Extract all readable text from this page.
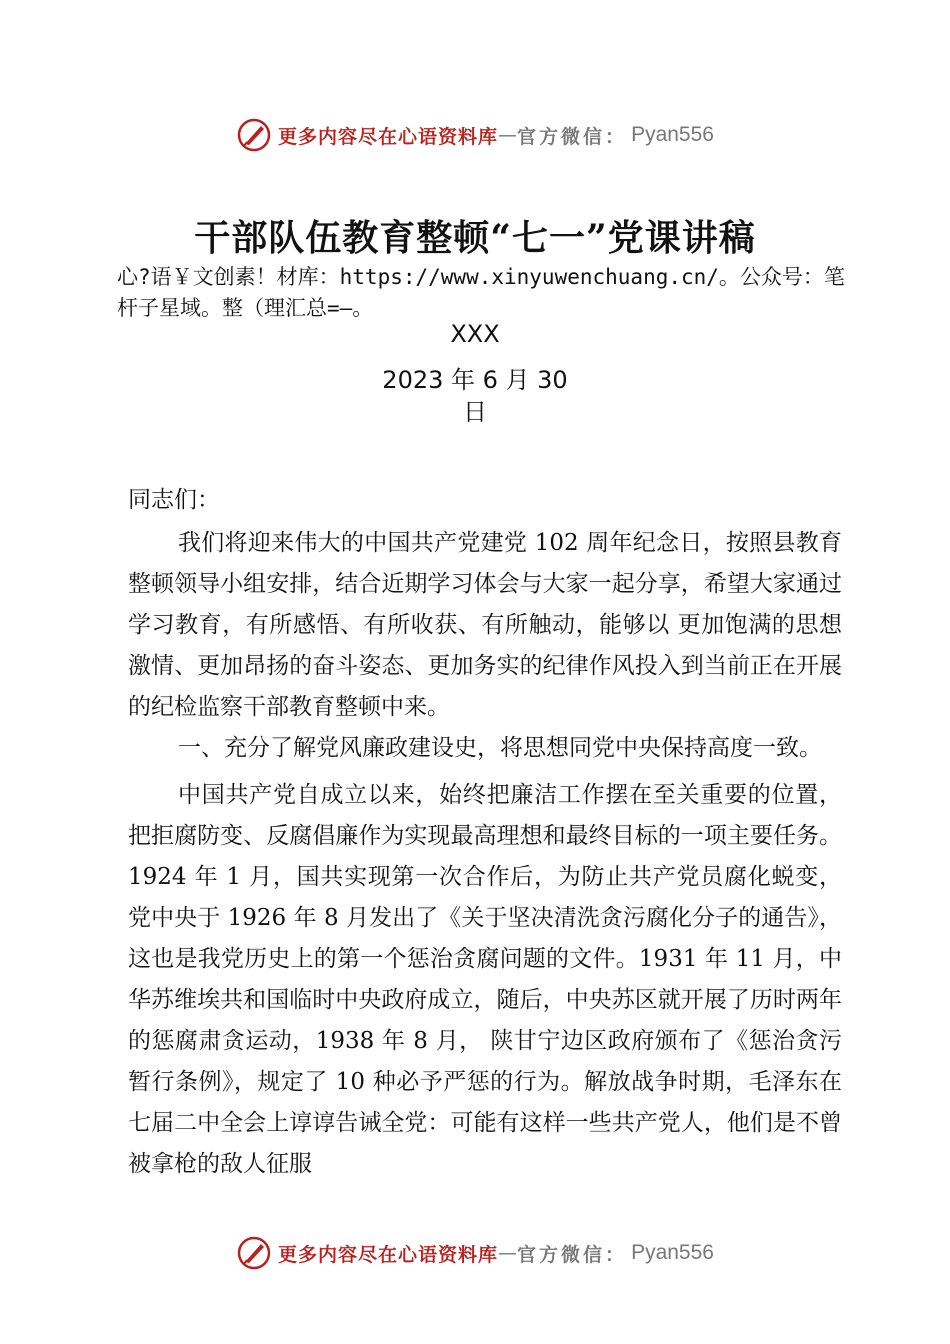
更多内容尽在心语资料库 — 官方微信： Pyan556
干部队伍教育整顿“七一”党课讲稿
心?语￥文创素！材库：https://www.xinyuwenchuang.cn/。公众号：笔杆子星域。整（理汇总=—。
XXX
2023 年 6 月 30
日

同志们：

我们将迎来伟大的中国共产党建党 102 周年纪念日，按照县教育整顿领导小组安排，结合近期学习体会与大家一起分享，希望大家通过学习教育，有所感悟、有所收获、有所触动，能够以 更加饱满的思想激情、更加昂扬的奋斗姿态、更加务实的纪律作风投入到当前正在开展的纪检监察干部教育整顿中来。

一、充分了解党风廉政建设史，将思想同党中央保持高度一致。

中国共产党自成立以来，始终把廉洁工作摆在至关重要的位置，把拒腐防变、反腐倡廉作为实现最高理想和最终目标的一项主要任务。1924 年 1 月，国共实现第一次合作后，为防止共产党员腐化蜕变，党中央于 1926 年 8 月发出了《关于坚决清洗贪污腐化分子的通告》，这也是我党历史上的第一个惩治贪腐问题的文件。1931 年 11 月，中华苏维埃共和国临时中央政府成立，随后，中央苏区就开展了历时两年的惩腐肃贪运动，1938 年 8 月， 陕甘宁边区政府颁布了《惩治贪污暂行条例》，规定了 10 种必予严惩的行为。解放战争时期，毛泽东在七届二中全会上谆谆告诫全党：可能有这样一些共产党人，他们是不曾被拿枪的敌人征服

更多内容尽在心语资料库 — 官方微信： Pyan556
